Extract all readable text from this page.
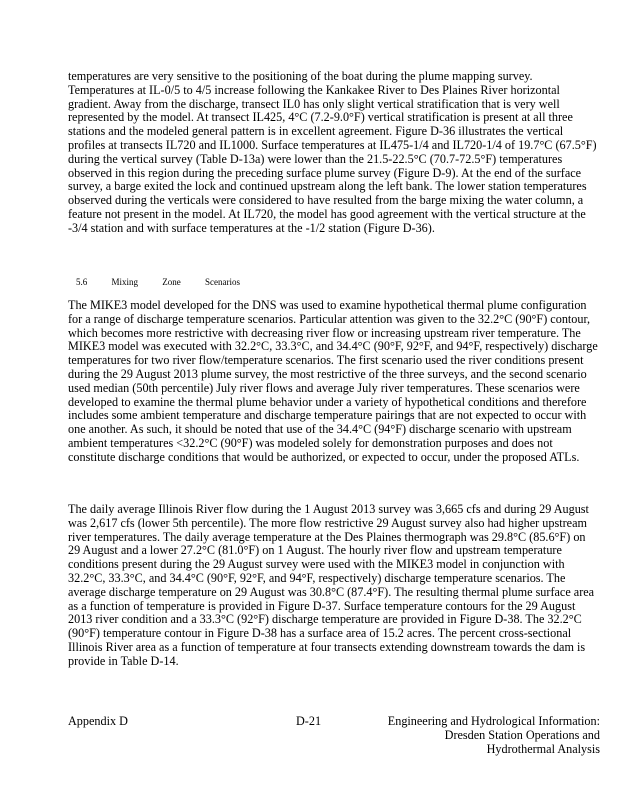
temperatures are very sensitive to the positioning of the boat during the plume mapping survey. Temperatures at IL-0/5 to 4/5 increase following the Kankakee River to Des Plaines River horizontal gradient. Away from the discharge, transect IL0 has only slight vertical stratification that is very well represented by the model. At transect IL425, 4°C (7.2-9.0°F) vertical stratification is present at all three stations and the modeled general pattern is in excellent agreement. Figure D-36 illustrates the vertical profiles at transects IL720 and IL1000. Surface temperatures at IL475-1/4 and IL720-1/4 of 19.7°C (67.5°F) during the vertical survey (Table D-13a) were lower than the 21.5-22.5°C (70.7-72.5°F) temperatures observed in this region during the preceding surface plume survey (Figure D-9). At the end of the surface survey, a barge exited the lock and continued upstream along the left bank. The lower station temperatures observed during the verticals were considered to have resulted from the barge mixing the water column, a feature not present in the model. At IL720, the model has good agreement with the vertical structure at the -3/4 station and with surface temperatures at the -1/2 station (Figure D-36).

5.6	Mixing	Zone	Scenarios

The MIKE3 model developed for the DNS was used to examine hypothetical thermal plume configuration for a range of discharge temperature scenarios. Particular attention was given to the 32.2°C (90°F) contour, which becomes more restrictive with decreasing river flow or increasing upstream river temperature. The MIKE3 model was executed with 32.2°C, 33.3°C, and 34.4°C (90°F, 92°F, and 94°F, respectively) discharge temperatures for two river flow/temperature scenarios. The first scenario used the river conditions present during the 29 August 2013 plume survey, the most restrictive of the three surveys, and the second scenario used median (50th percentile) July river flows and average July river temperatures. These scenarios were developed to examine the thermal plume behavior under a variety of hypothetical conditions and therefore includes some ambient temperature and discharge temperature pairings that are not expected to occur with one another. As such, it should be noted that use of the 34.4°C (94°F) discharge scenario with upstream ambient temperatures <32.2°C (90°F) was modeled solely for demonstration purposes and does not constitute discharge conditions that would be authorized, or expected to occur, under the proposed ATLs.

The daily average Illinois River flow during the 1 August 2013 survey was 3,665 cfs and during 29 August was 2,617 cfs (lower 5th percentile). The more flow restrictive 29 August survey also had higher upstream river temperatures. The daily average temperature at the Des Plaines thermograph was 29.8°C (85.6°F) on 29 August and a lower 27.2°C (81.0°F) on 1 August. The hourly river flow and upstream temperature conditions present during the 29 August survey were used with the MIKE3 model in conjunction with 32.2°C, 33.3°C, and 34.4°C (90°F, 92°F, and 94°F, respectively) discharge temperature scenarios. The average discharge temperature on 29 August was 30.8°C (87.4°F). The resulting thermal plume surface area as a function of temperature is provided in Figure D-37. Surface temperature contours for the 29 August 2013 river condition and a 33.3°C (92°F) discharge temperature are provided in Figure D-38. The 32.2°C (90°F) temperature contour in Figure D-38 has a surface area of 15.2 acres. The percent cross-sectional Illinois River area as a function of temperature at four transects extending downstream towards the dam is provide in Table D-14.

Appendix D	D-21	Engineering and Hydrological Information:
Dresden Station Operations and
Hydrothermal Analysis
